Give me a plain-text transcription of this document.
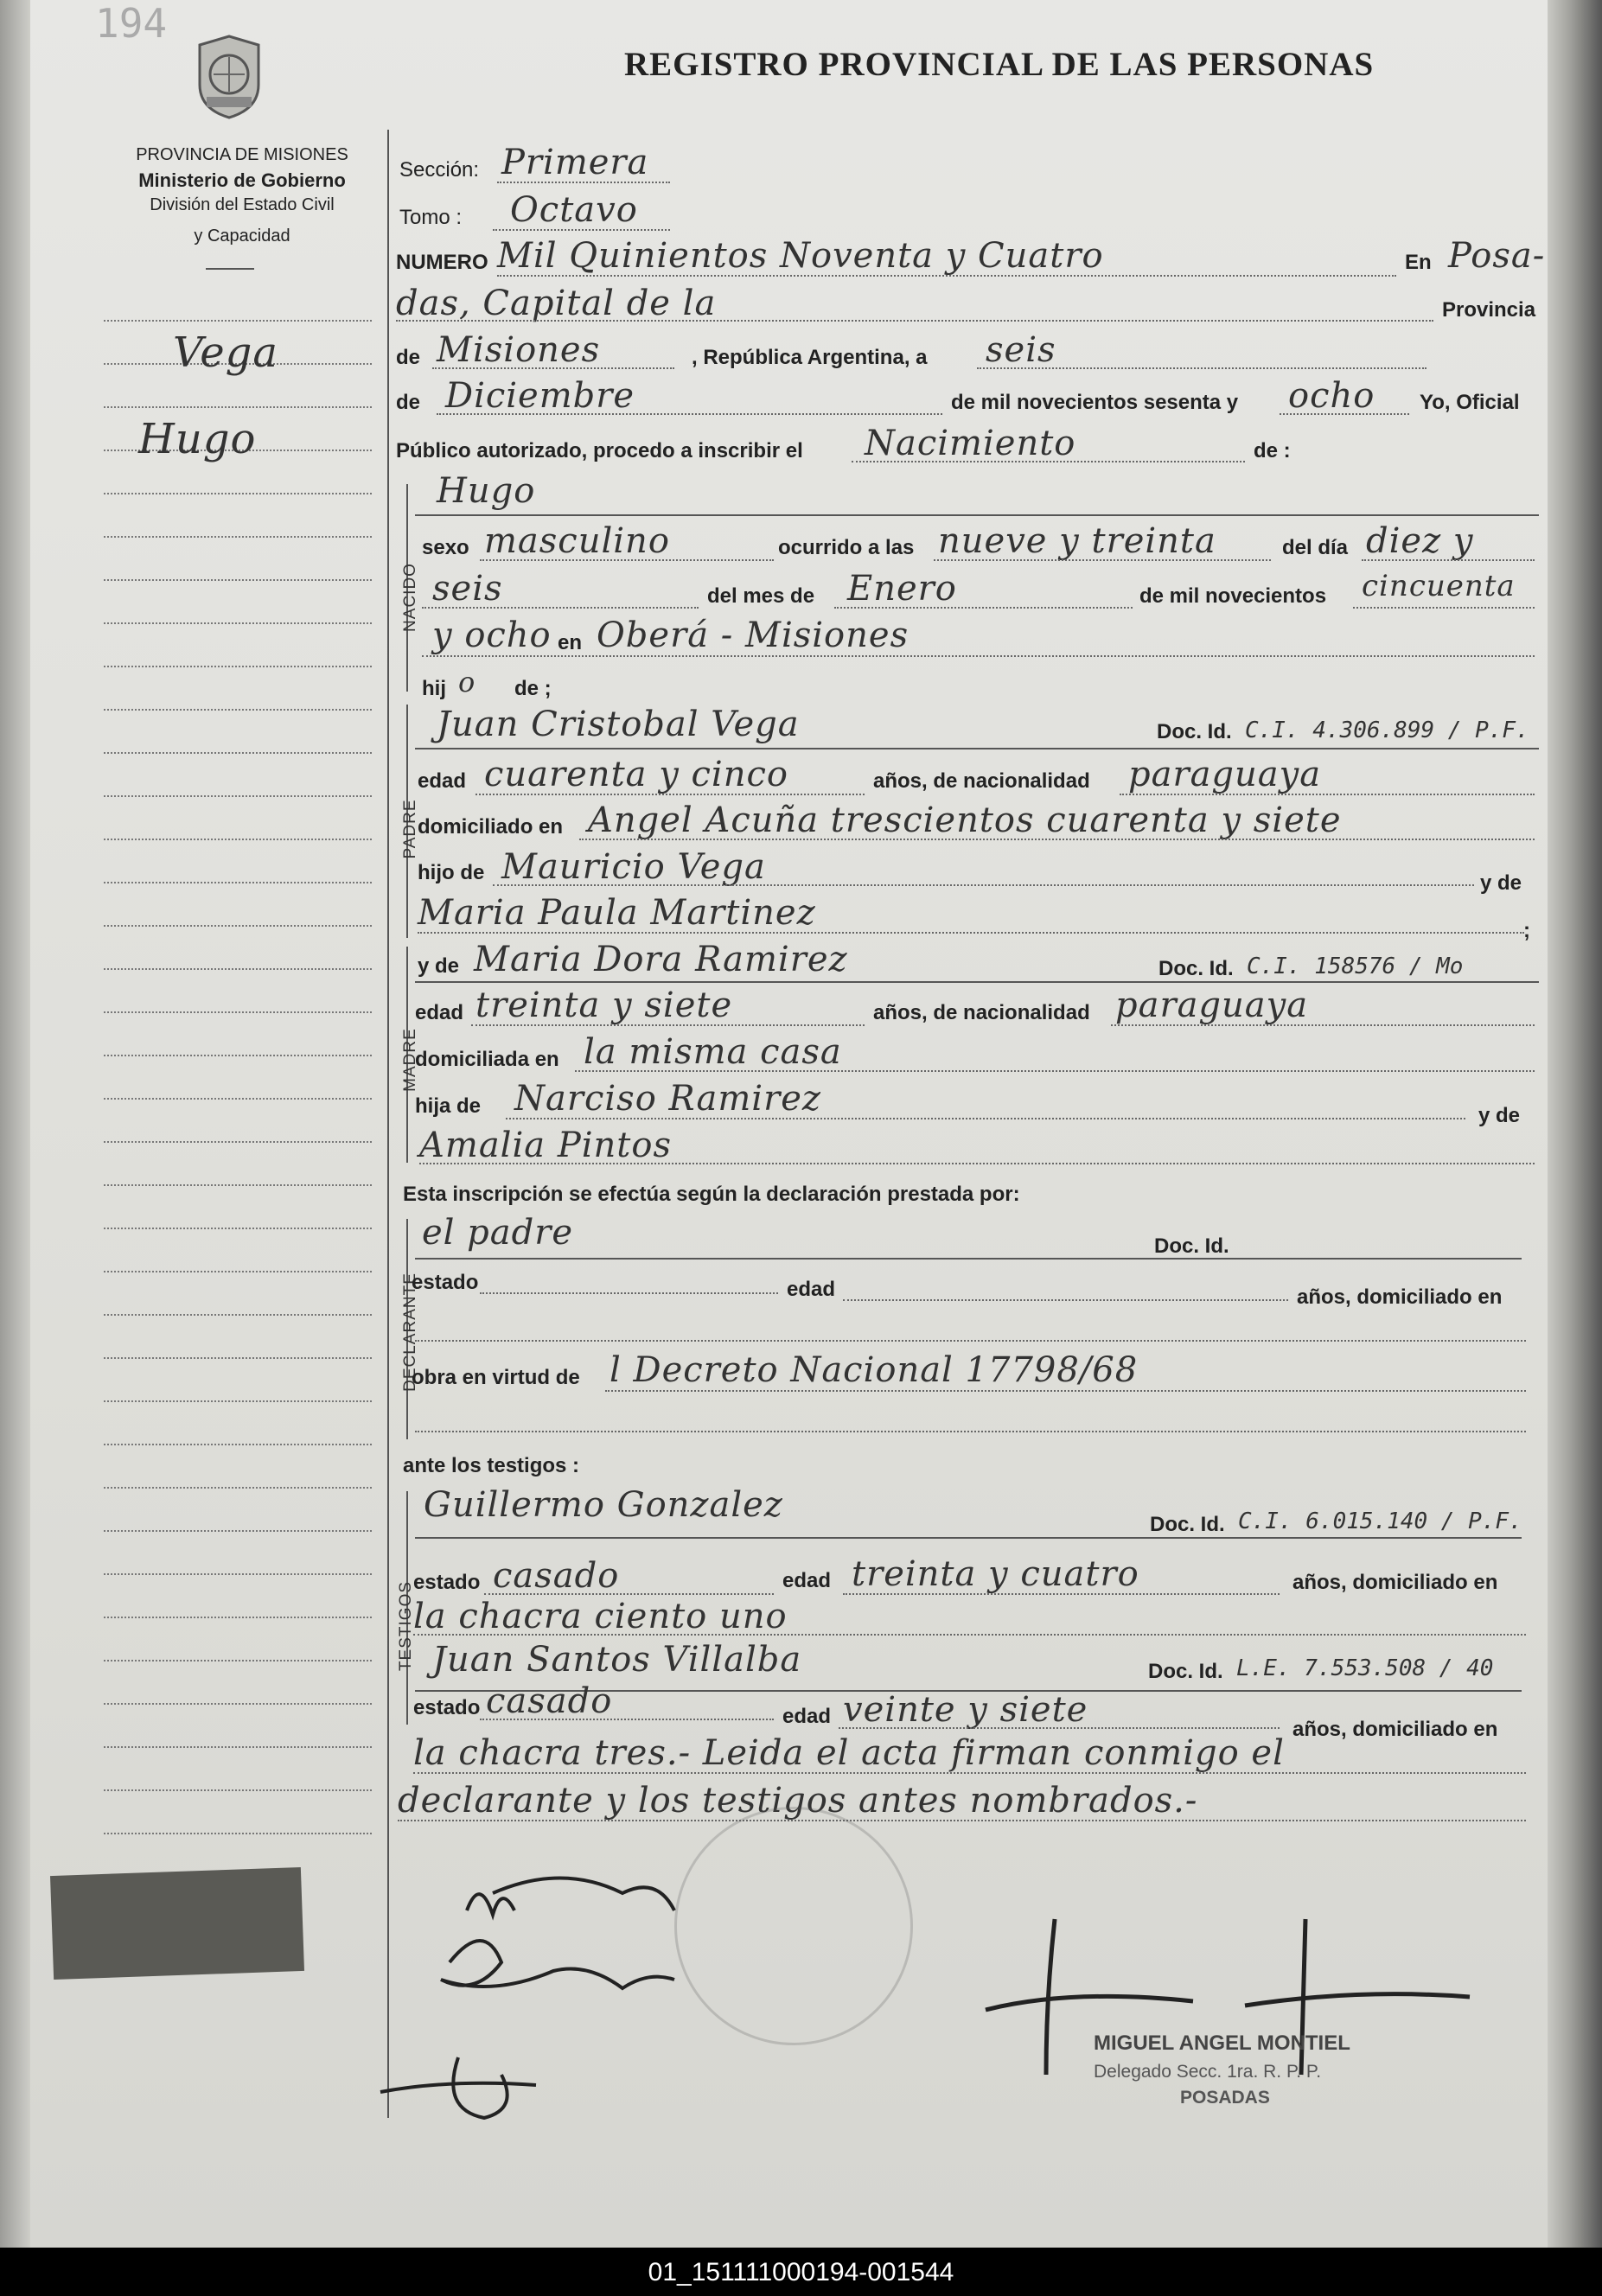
194
PROVINCIA DE MISIONES
Ministerio de Gobierno
División del Estado Civil
y Capacidad
REGISTRO PROVINCIAL DE LAS PERSONAS
Vega
Hugo
Sección: Primera
Tomo : Octavo
NUMERO Mil Quinientos Noventa y Cuatro	En Posa-
das, Capital de la	Provincia
de Misiones	, República Argentina, a seis
de Diciembre	de mil novecientos sesenta y ocho Yo, Oficial
Público autorizado, procedo a inscribir el Nacimiento	de :
NACIDO
Hugo
sexo masculino	ocurrido a las nueve y treinta	del día diez y
seis	del mes de Enero	de mil novecientos cincuenta
y ocho en Oberá - Misiones
hij o de ;
PADRE
Juan Cristobal Vega	Doc. Id. C.I. 4.306.899 / P.F.
edad cuarenta y cinco	años, de nacionalidad paraguaya
domiciliado en Angel Acuña trescientos cuarenta y siete
hijo de Mauricio Vega	y de
Maria Paula Martinez	;
MADRE
y de Maria Dora Ramirez	Doc. Id. C.I. 158576 / Mo
edad treinta y siete	años, de nacionalidad paraguaya
domiciliada en la misma casa
hija de Narciso Ramirez	y de
Amalia Pintos
Esta inscripción se efectúa según la declaración prestada por:
DECLARANTE
el padre	Doc. Id.
estado	edad	años, domiciliado en
obra en virtud de l Decreto Nacional 17798/68
ante los testigos :
TESTIGOS
Guillermo Gonzalez	Doc. Id. C.I. 6.015.140 / P.F.
estado casado	edad treinta y cuatro	años, domiciliado en
la chacra ciento uno
Juan Santos Villalba	Doc. Id. L.E. 7.553.508 / 40
estado casado	edad veinte y siete	años, domiciliado en
la chacra tres.- Leida el acta firman conmigo el
declarante y los testigos antes nombrados.-
MIGUEL ANGEL MONTIEL
Delegado Secc. 1ra. R. P. P.
POSADAS
01_151111000194-001544
